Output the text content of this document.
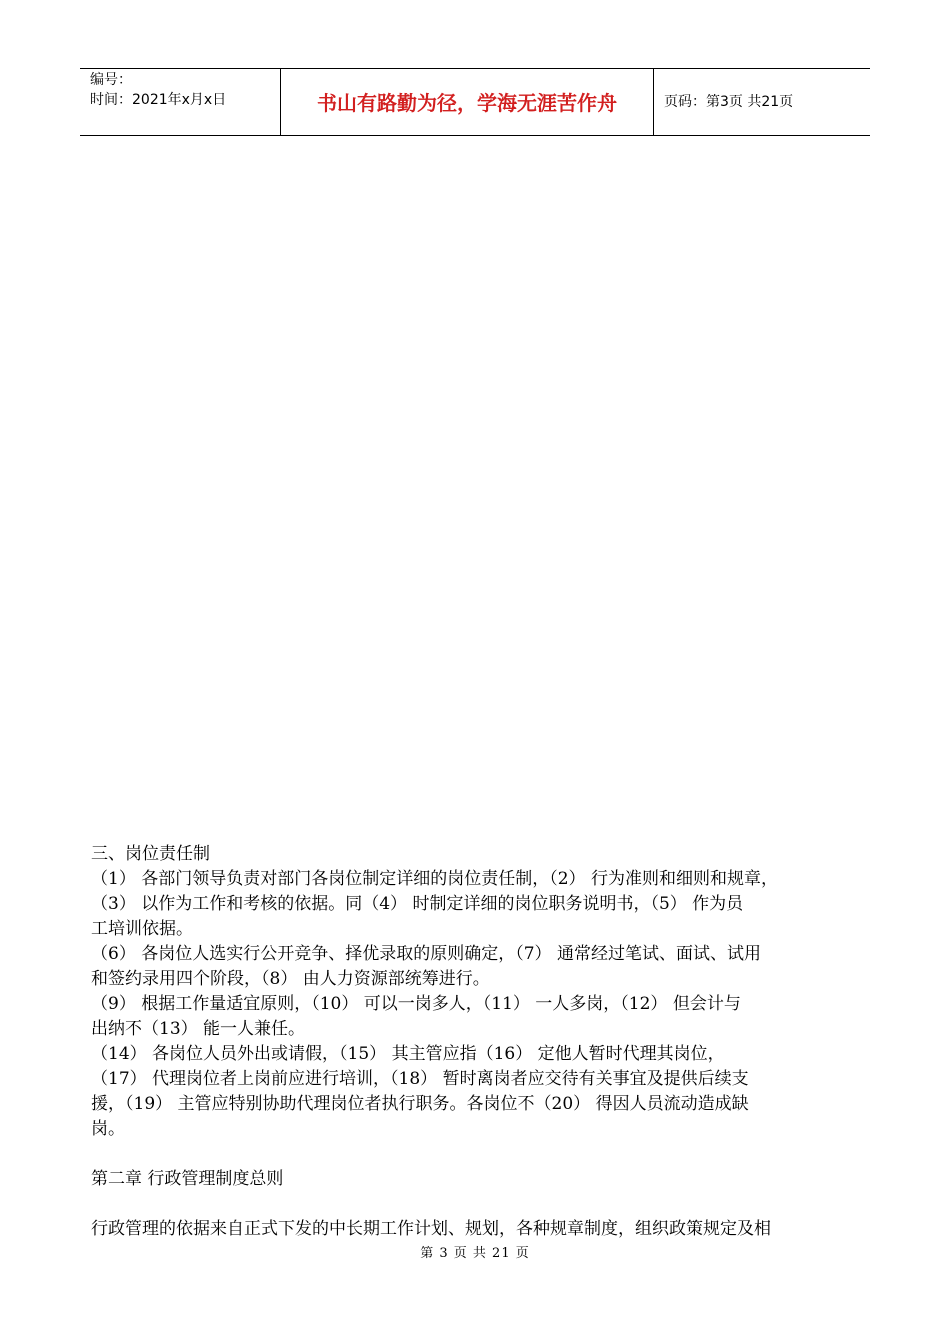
编号：
时间：2021年x月x日	书山有路勤为径，学海无涯苦作舟	页码：第3页 共21页
三、岗位责任制
（1） 各部门领导负责对部门各岗位制定详细的岗位责任制，（2） 行为准则和细则和规章，
（3） 以作为工作和考核的依据。同（4） 时制定详细的岗位职务说明书，（5） 作为员
工培训依据。
（6） 各岗位人选实行公开竞争、择优录取的原则确定，（7） 通常经过笔试、面试、试用
和签约录用四个阶段，（8） 由人力资源部统筹进行。
（9） 根据工作量适宜原则，（10） 可以一岗多人，（11） 一人多岗，（12） 但会计与
出纳不（13） 能一人兼任。
（14） 各岗位人员外出或请假，（15） 其主管应指（16） 定他人暂时代理其岗位，
（17） 代理岗位者上岗前应进行培训，（18） 暂时离岗者应交待有关事宜及提供后续支
援，（19） 主管应特别协助代理岗位者执行职务。各岗位不（20） 得因人员流动造成缺
岗。
第二章 行政管理制度总则
行政管理的依据来自正式下发的中长期工作计划、规划，各种规章制度，组织政策规定及相
第 3 页 共 21 页
